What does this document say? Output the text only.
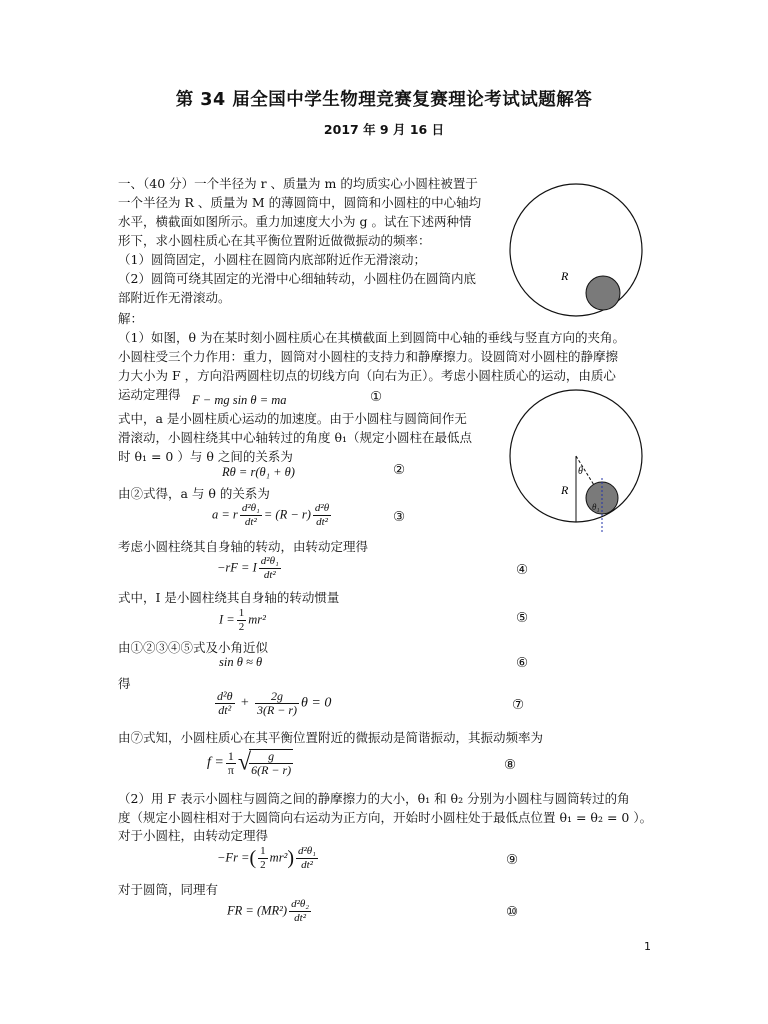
第 34 届全国中学生物理竞赛复赛理论考试试题解答
2017 年 9 月 16 日
R
一、（40 分）一个半径为 r 、质量为 m 的均质实心小圆柱被置于
一个半径为 R 、质量为 M 的薄圆筒中，圆筒和小圆柱的中心轴均
水平，横截面如图所示。重力加速度大小为 g 。试在下述两种情
形下，求小圆柱质心在其平衡位置附近做微振动的频率：
（1）圆筒固定，小圆柱在圆筒内底部附近作无滑滚动；
（2）圆筒可绕其固定的光滑中心细轴转动，小圆柱仍在圆筒内底
部附近作无滑滚动。
解：
（1）如图，θ 为在某时刻小圆柱质心在其横截面上到圆筒中心轴的垂线与竖直方向的夹角。
小圆柱受三个力作用：重力，圆筒对小圆柱的支持力和静摩擦力。设圆筒对小圆柱的静摩擦
力大小为 F ，方向沿两圆柱切点的切线方向（向右为正）。考虑小圆柱质心的运动，由质心
运动定理得 F − mg sin θ = ma	①
R
θ
θ₁
式中，a 是小圆柱质心运动的加速度。由于小圆柱与圆筒间作无
滑滚动，小圆柱绕其中心轴转过的角度 θ₁（规定小圆柱在最低点
时 θ₁ = 0 ）与 θ 之间的关系为
Rθ = r(θ₁ + θ)	②
由②式得，a 与 θ 的关系为
a = r $\frac{\text{d²θ₁}}{\text{dt²}} = (R - r) \frac{\text{d²θ}}{\text{dt²}}$	③
考虑小圆柱绕其自身轴的转动，由转动定理得
−rF = I $\frac{\text{d²θ₁}}{\text{dt²}}$	④
式中，I 是小圆柱绕其自身轴的转动惯量
$I = \frac{1}{2} mr^2$	⑤
由①②③④⑤式及小角近似
sin θ ≈ θ	⑥
得
$\frac{\text{d²θ}}{\text{dt²}} + \frac{2g}{3(R - r)}$ θ = 0	⑦
由⑦式知，小圆柱质心在其平衡位置附近的微振动是简谐振动，其振动频率为
$f = \frac{1}{\pi}$ √
$\frac{g}{6(R - r)}$	⑧
（2）用 F 表示小圆柱与圆筒之间的静摩擦力的大小，θ₁ 和 θ₂ 分别为小圆柱与圆筒转过的角
度（规定小圆柱相对于大圆筒向右运动为正方向，开始时小圆柱处于最低点位置 θ₁ = θ₂ = 0 ）。
对于小圆柱，由转动定理得
−Fr =( $\frac{1}{2} mr^2) \frac{\text{d²θ₁}}{\text{dt²}}$	⑨
对于圆筒，同理有
FR = $(MR^2) \frac{\text{d²θ₂}}{\text{dt²}}$	⑩
1
